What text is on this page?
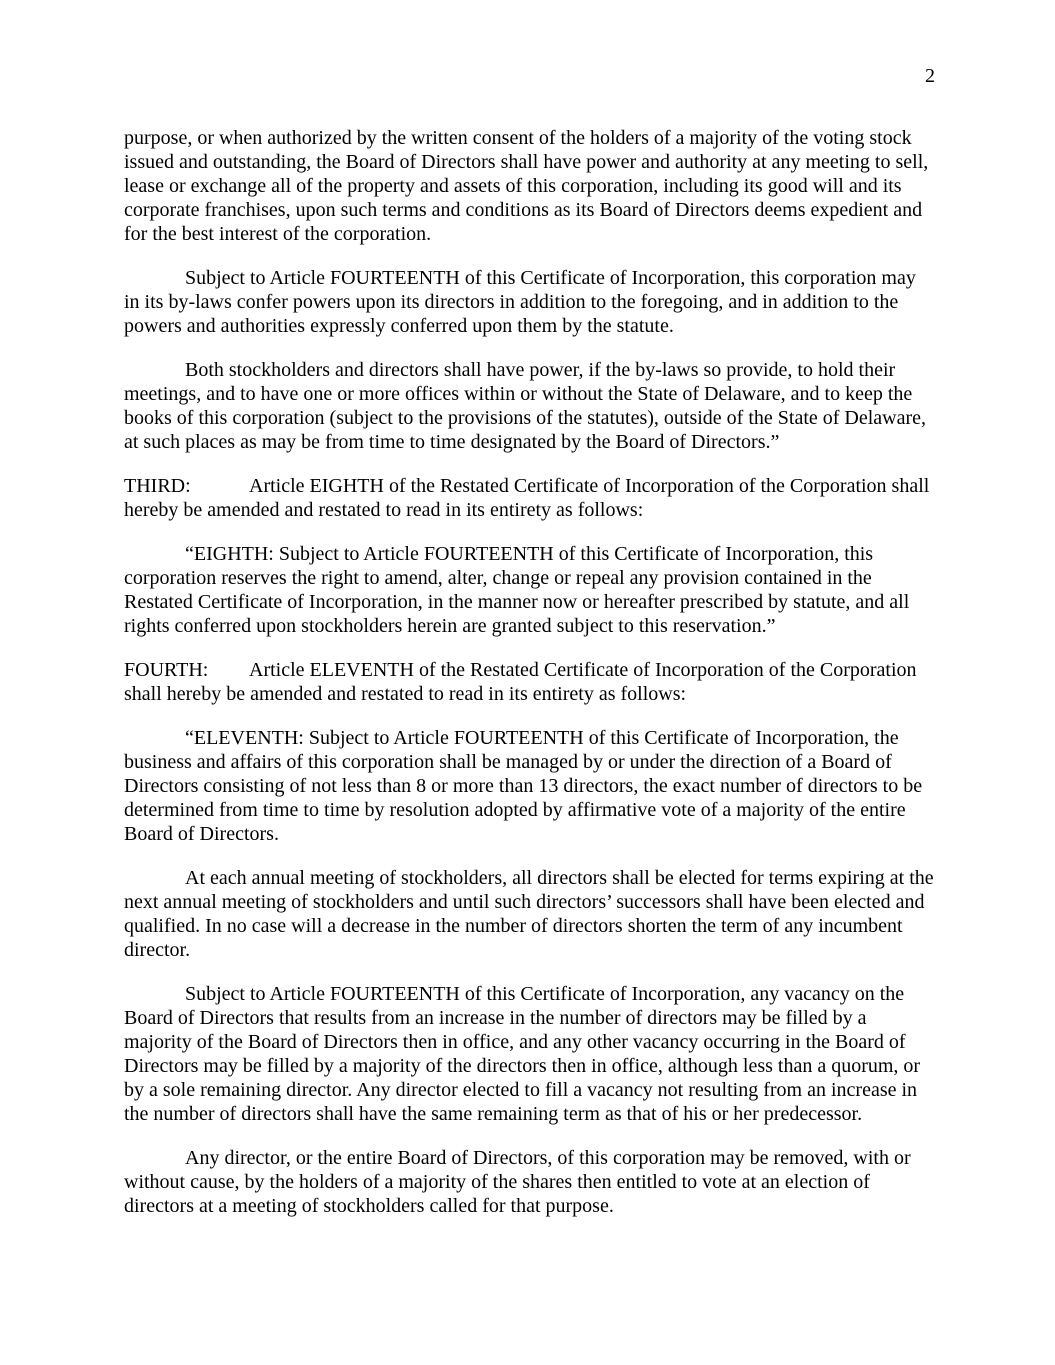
2

purpose, or when authorized by the written consent of the holders of a majority of the voting stock issued and outstanding, the Board of Directors shall have power and authority at any meeting to sell, lease or exchange all of the property and assets of this corporation, including its good will and its corporate franchises, upon such terms and conditions as its Board of Directors deems expedient and for the best interest of the corporation.

Subject to Article FOURTEENTH of this Certificate of Incorporation, this corporation may in its by-laws confer powers upon its directors in addition to the foregoing, and in addition to the powers and authorities expressly conferred upon them by the statute.

Both stockholders and directors shall have power, if the by-laws so provide, to hold their meetings, and to have one or more offices within or without the State of Delaware, and to keep the books of this corporation (subject to the provisions of the statutes), outside of the State of Delaware, at such places as may be from time to time designated by the Board of Directors.”

THIRD:	Article EIGHTH of the Restated Certificate of Incorporation of the Corporation shall hereby be amended and restated to read in its entirety as follows:

“EIGHTH: Subject to Article FOURTEENTH of this Certificate of Incorporation, this corporation reserves the right to amend, alter, change or repeal any provision contained in the Restated Certificate of Incorporation, in the manner now or hereafter prescribed by statute, and all rights conferred upon stockholders herein are granted subject to this reservation.”

FOURTH: Article ELEVENTH of the Restated Certificate of Incorporation of the Corporation shall hereby be amended and restated to read in its entirety as follows:

“ELEVENTH: Subject to Article FOURTEENTH of this Certificate of Incorporation, the business and affairs of this corporation shall be managed by or under the direction of a Board of Directors consisting of not less than 8 or more than 13 directors, the exact number of directors to be determined from time to time by resolution adopted by affirmative vote of a majority of the entire Board of Directors.

At each annual meeting of stockholders, all directors shall be elected for terms expiring at the next annual meeting of stockholders and until such directors’ successors shall have been elected and qualified. In no case will a decrease in the number of directors shorten the term of any incumbent director.

Subject to Article FOURTEENTH of this Certificate of Incorporation, any vacancy on the Board of Directors that results from an increase in the number of directors may be filled by a majority of the Board of Directors then in office, and any other vacancy occurring in the Board of Directors may be filled by a majority of the directors then in office, although less than a quorum, or by a sole remaining director. Any director elected to fill a vacancy not resulting from an increase in the number of directors shall have the same remaining term as that of his or her predecessor.

Any director, or the entire Board of Directors, of this corporation may be removed, with or without cause, by the holders of a majority of the shares then entitled to vote at an election of directors at a meeting of stockholders called for that purpose.
